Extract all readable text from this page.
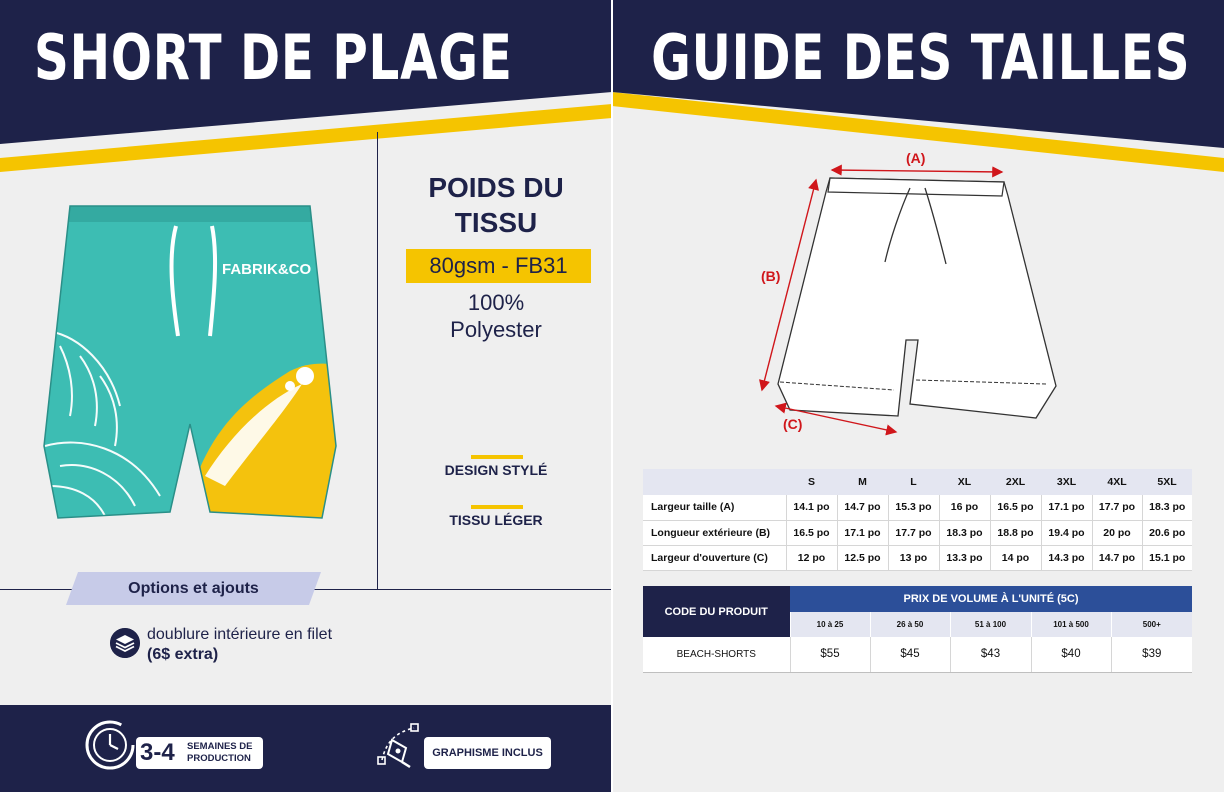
SHORT DE PLAGE GUIDE DES TAILLES
FABRIK&CO
POIDS DU TISSU
80gsm - FB31
100%
Polyester
DESIGN STYLÉ
TISSU LÉGER
Options et ajouts
doublure intérieure en filet
(6$ extra)
3-4 SEMAINES DE PRODUCTION	GRAPHISME INCLUS
(A)
(B)
(C)
	S	M	L	XL	2XL	3XL	4XL	5XL
Largeur taille (A)	14.1 po	14.7 po	15.3 po	16 po	16.5 po	17.1 po	17.7 po	18.3 po
Longueur extérieure (B)	16.5 po	17.1 po	17.7 po	18.3 po	18.8 po	19.4 po	20 po	20.6 po
Largeur d'ouverture (C)	12 po	12.5 po	13 po	13.3 po	14 po	14.3 po	14.7 po	15.1 po
CODE DU PRODUIT	PRIX DE VOLUME À L'UNITÉ (5C)				
	10 à 25	26 à 50	51 à 100	101 à 500	500+
BEACH-SHORTS	$55	$45	$43	$40	$39
